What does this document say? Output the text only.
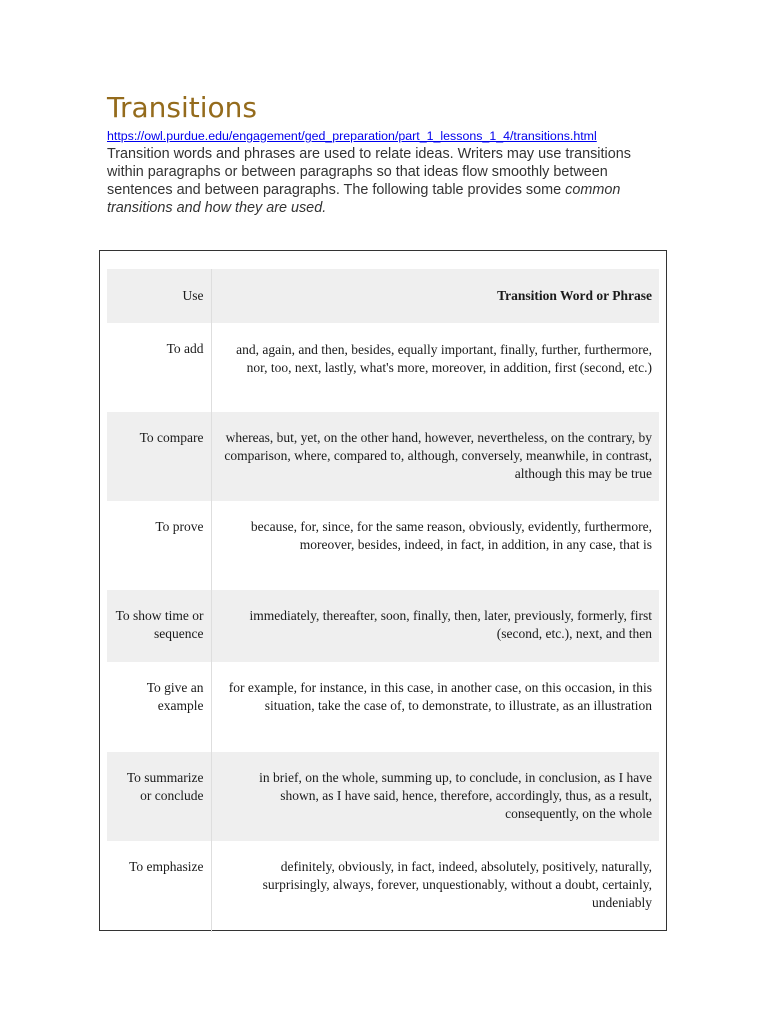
Transitions
https://owl.purdue.edu/engagement/ged_preparation/part_1_lessons_1_4/transitions.html

Transition words and phrases are used to relate ideas. Writers may use transitions within paragraphs or between paragraphs so that ideas flow smoothly between sentences and between paragraphs. The following table provides some common transitions and how they are used.

Use	Transition Word or Phrase
To add	and, again, and then, besides, equally important, finally, further, furthermore, nor, too, next, lastly, what's more, moreover, in addition, first (second, etc.)
To compare	whereas, but, yet, on the other hand, however, nevertheless, on the contrary, by comparison, where, compared to, although, conversely, meanwhile, in contrast, although this may be true
To prove	because, for, since, for the same reason, obviously, evidently, furthermore, moreover, besides, indeed, in fact, in addition, in any case, that is
To show time or sequence	immediately, thereafter, soon, finally, then, later, previously, formerly, first (second, etc.), next, and then
To give an example	for example, for instance, in this case, in another case, on this occasion, in this situation, take the case of, to demonstrate, to illustrate, as an illustration
To summarize or conclude	in brief, on the whole, summing up, to conclude, in conclusion, as I have shown, as I have said, hence, therefore, accordingly, thus, as a result, consequently, on the whole
To emphasize	definitely, obviously, in fact, indeed, absolutely, positively, naturally, surprisingly, always, forever, unquestionably, without a doubt, certainly, undeniably
